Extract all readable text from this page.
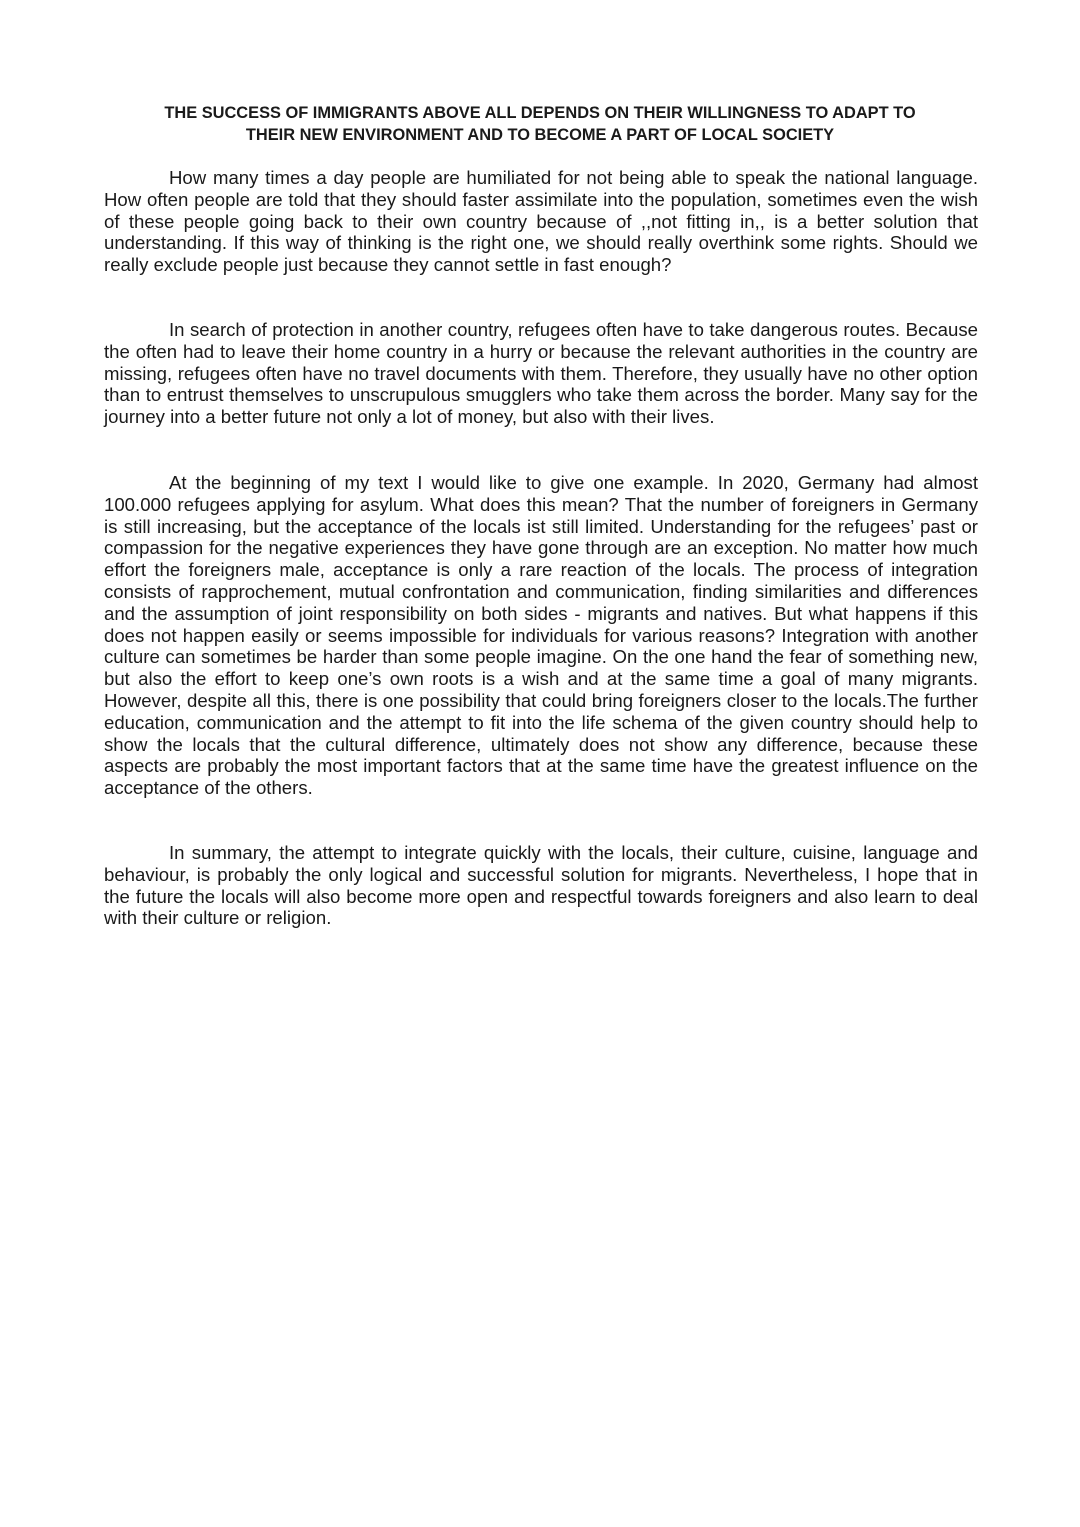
THE SUCCESS OF IMMIGRANTS ABOVE ALL DEPENDS ON THEIR WILLINGNESS TO ADAPT TO
THEIR NEW ENVIRONMENT AND TO BECOME A PART OF LOCAL SOCIETY

How many times a day people are humiliated for not being able to speak the national language. How often people are told that they should faster assimilate into the population, sometimes even the wish of these people going back to their own country because of ,,not fitting in,, is a better solution that understanding. If this way of thinking is the right one, we should really overthink some rights. Should we really exclude people just because they cannot settle in fast enough?

In search of protection in another country, refugees often have to take dangerous routes. Because the often had to leave their home country in a hurry or because the relevant authorities in the country are missing, refugees often have no travel documents with them. Therefore, they usually have no other option than to entrust themselves to unscrupulous smugglers who take them across the border. Many say for the journey into a better future not only a lot of money, but also with their lives.

At the beginning of my text I would like to give one example. In 2020, Germany had almost 100.000 refugees applying for asylum. What does this mean? That the number of foreigners in Germany is still increasing, but the acceptance of the locals ist still limited. Understanding for the refugees’ past or compassion for the negative experiences they have gone through are an exception. No matter how much effort the foreigners male, acceptance is only a rare reaction of the locals. The process of integration consists of rapprochement, mutual confrontation and communication, finding similarities and differences and the assumption of joint responsibility on both sides - migrants and natives. But what happens if this does not happen easily or seems impossible for individuals for various reasons? Integration with another culture can sometimes be harder than some people imagine. On the one hand the fear of something new, but also the effort to keep one’s own roots is a wish and at the same time a goal of many migrants. However, despite all this, there is one possibility that could bring foreigners closer to the locals.The further education, communication and the attempt to fit into the life schema of the given country should help to show the locals that the cultural difference, ultimately does not show any difference, because these aspects are probably the most important factors that at the same time have the greatest influence on the acceptance of the others.

In summary, the attempt to integrate quickly with the locals, their culture, cuisine, language and behaviour, is probably the only logical and successful solution for migrants. Nevertheless, I hope that in the future the locals will also become more open and respectful towards foreigners and also learn to deal with their culture or religion.
